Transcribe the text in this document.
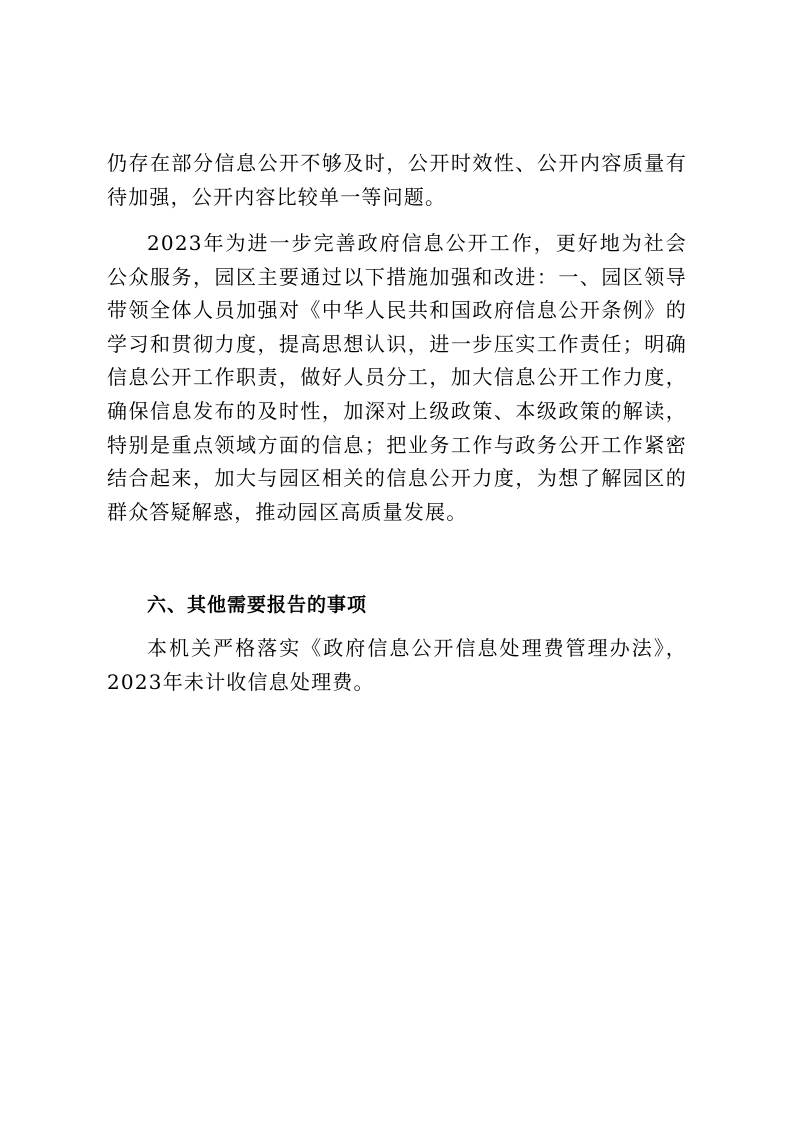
仍存在部分信息公开不够及时，公开时效性、公开内容质量有待加强，公开内容比较单一等问题。

2023年为进一步完善政府信息公开工作，更好地为社会公众服务，园区主要通过以下措施加强和改进：一、园区领导带领全体人员加强对《中华人民共和国政府信息公开条例》的学习和贯彻力度，提高思想认识，进一步压实工作责任；明确信息公开工作职责，做好人员分工，加大信息公开工作力度，确保信息发布的及时性，加深对上级政策、本级政策的解读，特别是重点领域方面的信息；把业务工作与政务公开工作紧密结合起来，加大与园区相关的信息公开力度，为想了解园区的群众答疑解惑，推动园区高质量发展。

六、其他需要报告的事项

本机关严格落实《政府信息公开信息处理费管理办法》，2023年未计收信息处理费。
